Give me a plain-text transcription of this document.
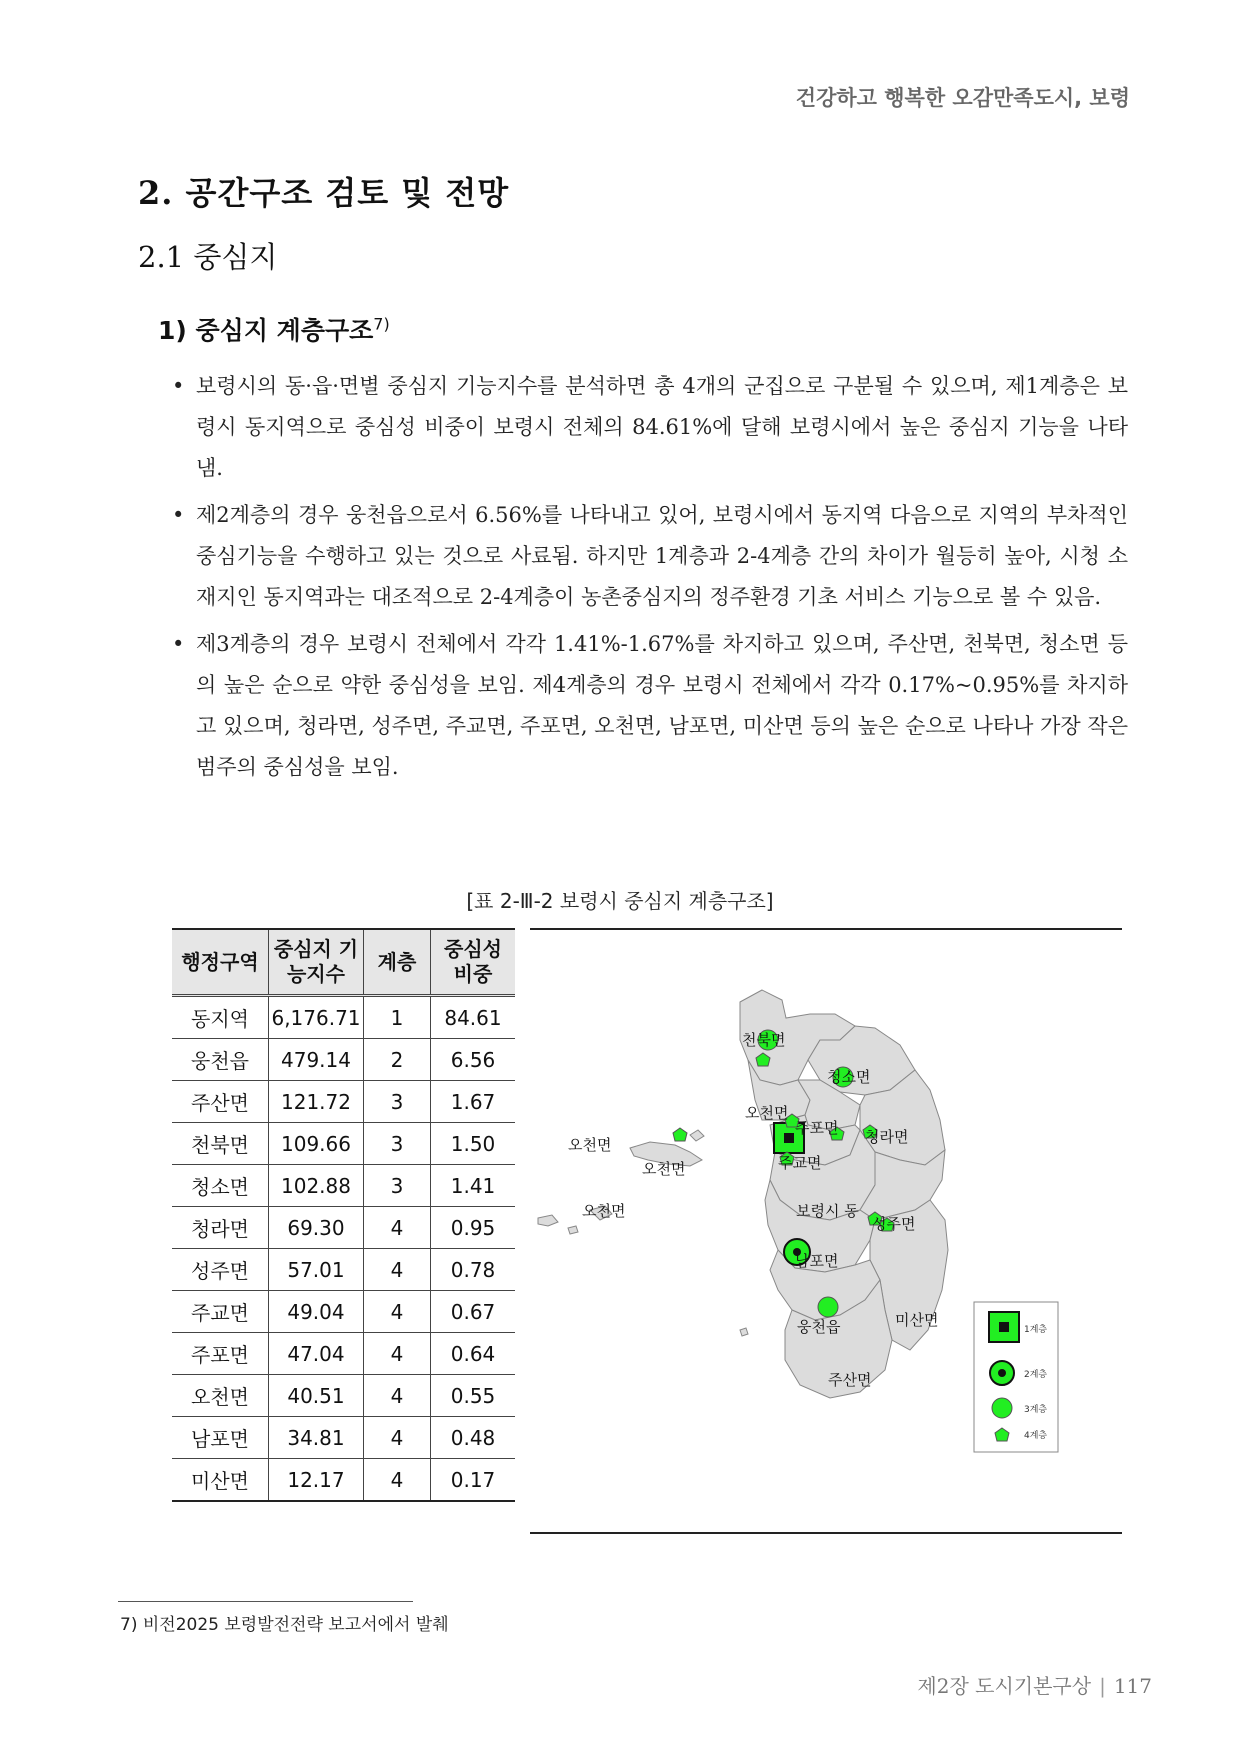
건강하고 행복한 오감만족도시, 보령
2. 공간구조 검토 및 전망
2.1 중심지
1) 중심지 계층구조$^{7)}$
• 보령시의 동·읍·면별 중심지 기능지수를 분석하면 총 4개의 군집으로 구분될 수 있으며, 제1계층은 보령시 동지역으로 중심성 비중이 보령시 전체의 84.61%에 달해 보령시에서 높은 중심지 기능을 나타냄.
• 제2계층의 경우 웅천읍으로서 6.56%를 나타내고 있어, 보령시에서 동지역 다음으로 지역의 부차적인 중심기능을 수행하고 있는 것으로 사료됨. 하지만 1계층과 2-4계층 간의 차이가 월등히 높아, 시청 소재지인 동지역과는 대조적으로 2-4계층이 농촌중심지의 정주환경 기초 서비스 기능으로 볼 수 있음.
• 제3계층의 경우 보령시 전체에서 각각 1.41%-1.67%를 차지하고 있으며, 주산면, 천북면, 청소면 등의 높은 순으로 약한 중심성을 보임. 제4계층의 경우 보령시 전체에서 각각 0.17%~0.95%를 차지하고 있으며, 청라면, 성주면, 주교면, 주포면, 오천면, 남포면, 미산면 등의 높은 순으로 나타나 가장 작은 범주의 중심성을 보임.
[표 2-Ⅲ-2 보령시 중심지 계층구조]
행정구역	중심지 기능지수	계층	중심성 비중
동지역	6,176.71	1	84.61
웅천읍	479.14	2	6.56
주산면	121.72	3	1.67
천북면	109.66	3	1.50
청소면	102.88	3	1.41
청라면	69.30	4	0.95
성주면	57.01	4	0.78
주교면	49.04	4	0.67
주포면	47.04	4	0.64
오천면	40.51	4	0.55
남포면	34.81	4	0.48
미산면	12.17	4	0.17
천북면
청소면
오천면
주포면 청라면
오천면
오천면	주교면
오천면	보령시 동
성주면
남포면
미산면
웅천읍
주산면
1계층
2계층
3계층
4계층
7) 비전2025 보령발전전략 보고서에서 발췌
제2장 도시기본구상 | 117
